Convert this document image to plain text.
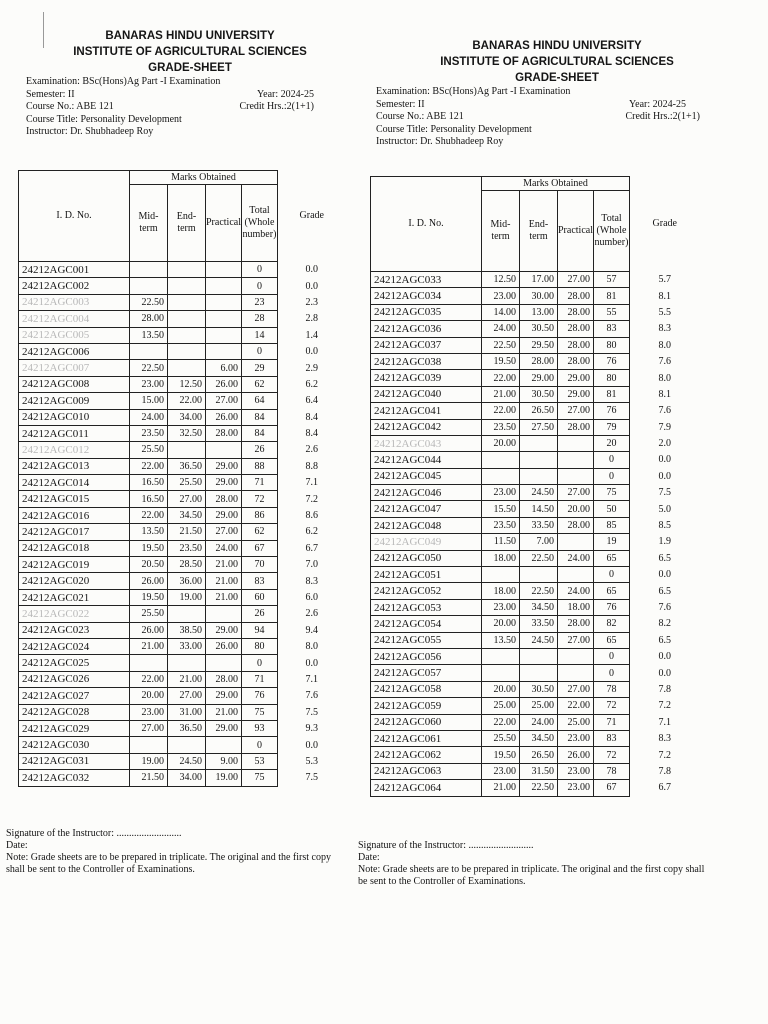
BANARAS HINDU UNIVERSITY
INSTITUTE OF AGRICULTURAL SCIENCES
GRADE-SHEET
Examination: BSc(Hons)Ag Part -I Examination
Semester: II	Year: 2024-25
Course No.: ABE 121	Credit Hrs.:2(1+1)
Course Title: Personality Development
Instructor: Dr. Shubhadeep Roy
I. D. No.	Marks Obtained				Grade
	Mid-term	End-term	Practical	Total (Whole number)	
24212AGC001				0	0.0
24212AGC002				0	0.0
24212AGC003	22.50			23	2.3
24212AGC004	28.00			28	2.8
24212AGC005	13.50			14	1.4
24212AGC006				0	0.0
24212AGC007	22.50		6.00	29	2.9
24212AGC008	23.00	12.50	26.00	62	6.2
24212AGC009	15.00	22.00	27.00	64	6.4
24212AGC010	24.00	34.00	26.00	84	8.4
24212AGC011	23.50	32.50	28.00	84	8.4
24212AGC012	25.50			26	2.6
24212AGC013	22.00	36.50	29.00	88	8.8
24212AGC014	16.50	25.50	29.00	71	7.1
24212AGC015	16.50	27.00	28.00	72	7.2
24212AGC016	22.00	34.50	29.00	86	8.6
24212AGC017	13.50	21.50	27.00	62	6.2
24212AGC018	19.50	23.50	24.00	67	6.7
24212AGC019	20.50	28.50	21.00	70	7.0
24212AGC020	26.00	36.00	21.00	83	8.3
24212AGC021	19.50	19.00	21.00	60	6.0
24212AGC022	25.50			26	2.6
24212AGC023	26.00	38.50	29.00	94	9.4
24212AGC024	21.00	33.00	26.00	80	8.0
24212AGC025				0	0.0
24212AGC026	22.00	21.00	28.00	71	7.1
24212AGC027	20.00	27.00	29.00	76	7.6
24212AGC028	23.00	31.00	21.00	75	7.5
24212AGC029	27.00	36.50	29.00	93	9.3
24212AGC030				0	0.0
24212AGC031	19.00	24.50	9.00	53	5.3
24212AGC032	21.50	34.00	19.00	75	7.5
Signature of the Instructor: ..........................
Date:
Note: Grade sheets are to be prepared in triplicate. The original and the first copy shall be sent to the Controller of Examinations.
BANARAS HINDU UNIVERSITY
INSTITUTE OF AGRICULTURAL SCIENCES
GRADE-SHEET
Examination: BSc(Hons)Ag Part -I Examination
Semester: II	Year: 2024-25
Course No.: ABE 121	Credit Hrs.:2(1+1)
Course Title: Personality Development
Instructor: Dr. Shubhadeep Roy
I. D. No.	Marks Obtained				Grade
	Mid-term	End-term	Practical	Total (Whole number)	
24212AGC033	12.50	17.00	27.00	57	5.7
24212AGC034	23.00	30.00	28.00	81	8.1
24212AGC035	14.00	13.00	28.00	55	5.5
24212AGC036	24.00	30.50	28.00	83	8.3
24212AGC037	22.50	29.50	28.00	80	8.0
24212AGC038	19.50	28.00	28.00	76	7.6
24212AGC039	22.00	29.00	29.00	80	8.0
24212AGC040	21.00	30.50	29.00	81	8.1
24212AGC041	22.00	26.50	27.00	76	7.6
24212AGC042	23.50	27.50	28.00	79	7.9
24212AGC043	20.00			20	2.0
24212AGC044				0	0.0
24212AGC045				0	0.0
24212AGC046	23.00	24.50	27.00	75	7.5
24212AGC047	15.50	14.50	20.00	50	5.0
24212AGC048	23.50	33.50	28.00	85	8.5
24212AGC049	11.50	7.00		19	1.9
24212AGC050	18.00	22.50	24.00	65	6.5
24212AGC051				0	0.0
24212AGC052	18.00	22.50	24.00	65	6.5
24212AGC053	23.00	34.50	18.00	76	7.6
24212AGC054	20.00	33.50	28.00	82	8.2
24212AGC055	13.50	24.50	27.00	65	6.5
24212AGC056				0	0.0
24212AGC057				0	0.0
24212AGC058	20.00	30.50	27.00	78	7.8
24212AGC059	25.00	25.00	22.00	72	7.2
24212AGC060	22.00	24.00	25.00	71	7.1
24212AGC061	25.50	34.50	23.00	83	8.3
24212AGC062	19.50	26.50	26.00	72	7.2
24212AGC063	23.00	31.50	23.00	78	7.8
24212AGC064	21.00	22.50	23.00	67	6.7
Signature of the Instructor: ..........................
Date:
Note: Grade sheets are to be prepared in triplicate. The original and the first copy shall be sent to the Controller of Examinations.
